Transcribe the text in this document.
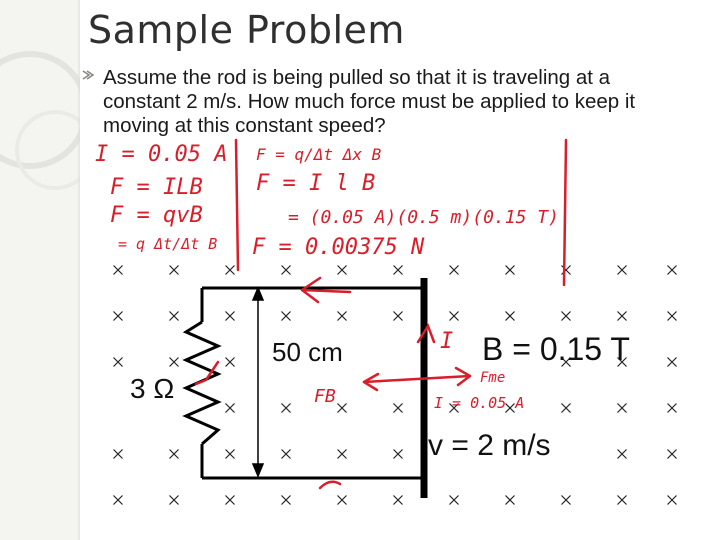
Sample Problem
Assume the rod is being pulled so that it is traveling at a constant 2 m/s. How much force must be applied to keep it moving at this constant speed?
50 cm
3 Ω
B = 0.15 T
v = 2 m/s
I = 0.05 A
F = ILB
F = qvB
= q Δt/Δt B
F = q/Δt Δx B
F = I l B
= (0.05 A)(0.5 m)(0.15 T)
F = 0.00375 N
I
FB
Fme
I = 0.05 A
